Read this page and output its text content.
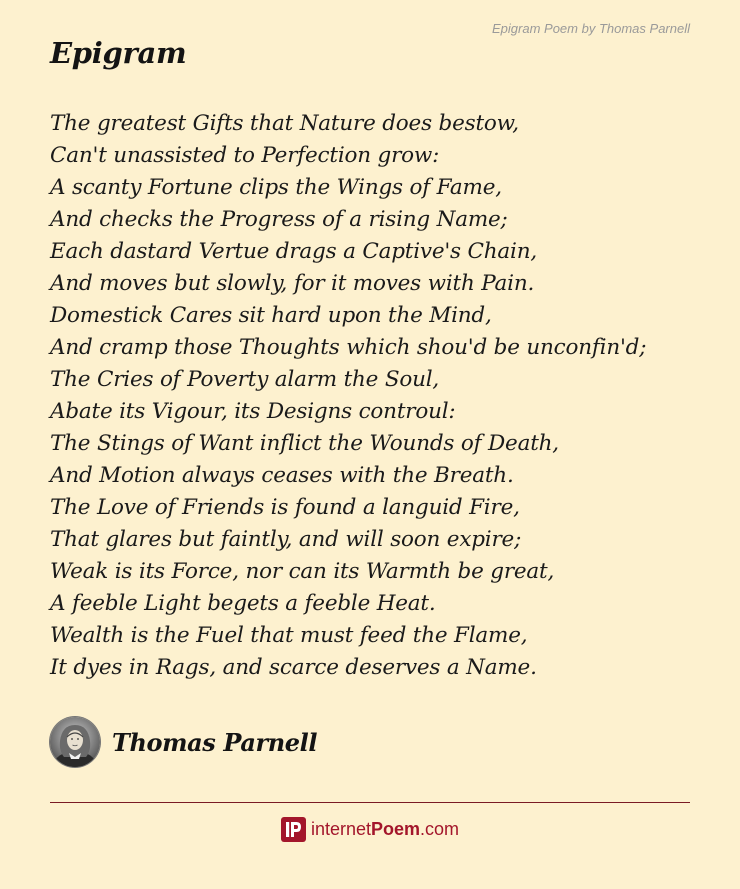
Epigram Poem by Thomas Parnell
Epigram
The greatest Gifts that Nature does bestow,
Can't unassisted to Perfection grow:
A scanty Fortune clips the Wings of Fame,
And checks the Progress of a rising Name;
Each dastard Vertue drags a Captive's Chain,
And moves but slowly, for it moves with Pain.
Domestick Cares sit hard upon the Mind,
And cramp those Thoughts which shou'd be unconfin'd;
The Cries of Poverty alarm the Soul,
Abate its Vigour, its Designs controul:
The Stings of Want inflict the Wounds of Death,
And Motion always ceases with the Breath.
The Love of Friends is found a languid Fire,
That glares but faintly, and will soon expire;
Weak is its Force, nor can its Warmth be great,
A feeble Light begets a feeble Heat.
Wealth is the Fuel that must feed the Flame,
It dyes in Rags, and scarce deserves a Name.
Thomas Parnell
internetPoem.com
